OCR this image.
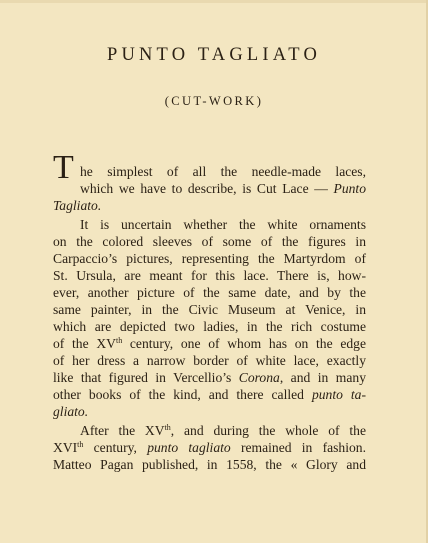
PUNTO TAGLIATO
(CUT-WORK)
T he simplest of all the needle-made laces,
which we have to describe, is Cut Lace — Punto
Tagliato.
It is uncertain whether the white ornaments
on the colored sleeves of some of the figures in
Carpaccio’s pictures, representing the Martyrdom of
St. Ursula, are meant for this lace. There is, how-
ever, another picture of the same date, and by the
same painter, in the Civic Museum at Venice, in
which are depicted two ladies, in the rich costume
of the XVth century, one of whom has on the edge
of her dress a narrow border of white lace, exactly
like that figured in Vercellio’s Corona, and in many
other books of the kind, and there called punto ta-
gliato.
After the XVth, and during the whole of the
XVIth century, punto tagliato remained in fashion.
Matteo Pagan published, in 1558, the « Glory and
